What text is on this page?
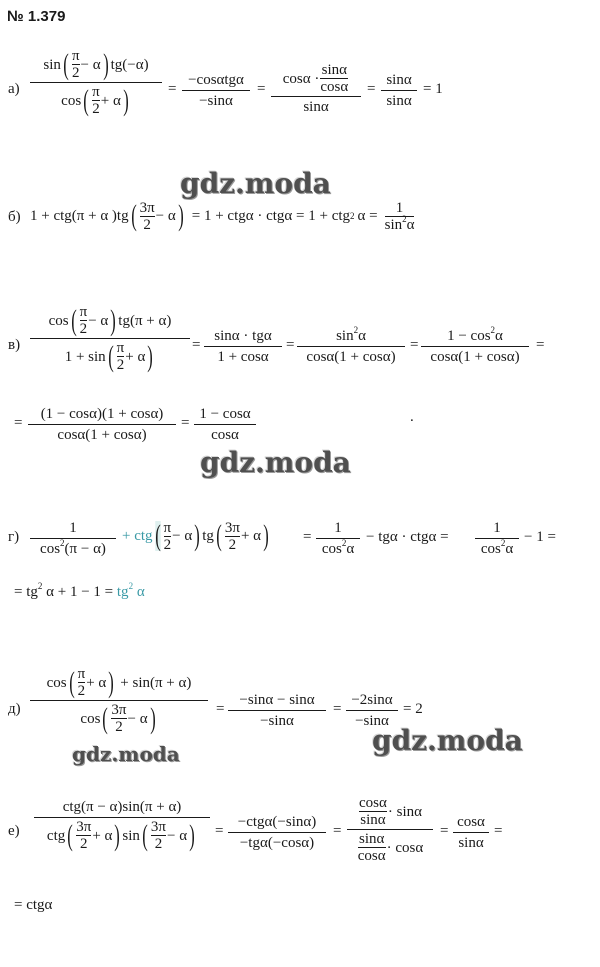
№ 1.379
а)
sin ( π
2
− α ) tg(−α)
cos ( π
2
+ α )	=
−cosαtgα
−sinα
=
cosα ·
sinα
cosα
sinα
=
sinα
sinα
= 1
gdz.moda
б) 1 + ctg(π + α )tg ( 3π
2
− α ) = 1 + ctgα · ctgα = 1 + ctg 2 α =
1
$\sin^2\alpha$
в)
cos ( π
2
− α ) tg(π + α)
1 + sin ( π
2
+ α )	=
sinα · tgα
1 + cosα
=
$\sin^2\alpha$
cosα(1 + cosα)
=
$1 - \cos^2\alpha$
cosα(1 + cosα)
=
=
(1 − cosα)(1 + cosα)
cosα(1 + cosα)
=
1 − cosα
cosα
.
gdz.moda
г)
1
$\cos^2(\pi - \alpha)$
+ ctg ( π
2
− α ) tg ( 3π
2
+ α ) =
1
$\cos^2\alpha$
− tgα · ctgα =
1
$\cos^2\alpha$
− 1 =
= $tg^2$ $\alpha + 1 - 1 = tg^2$ α
д)
cos ( π
2
+ α ) + sin(π + α)
cos ( 3π
2
− α )	=
−sinα − sinα
−sinα
=
−2sinα
−sinα
= 2
gdz.moda	gdz.moda
е)
ctg(π − α)sin(π + α)
ctg ( 3π
2
+ α ) sin ( 3π
2
− α ) =
−ctgα(−sinα)
−tgα(−cosα)
=
cosα
sinα
· sinα
sinα
cosα
· cosα
=
cosα
sinα
=
= ctgα
